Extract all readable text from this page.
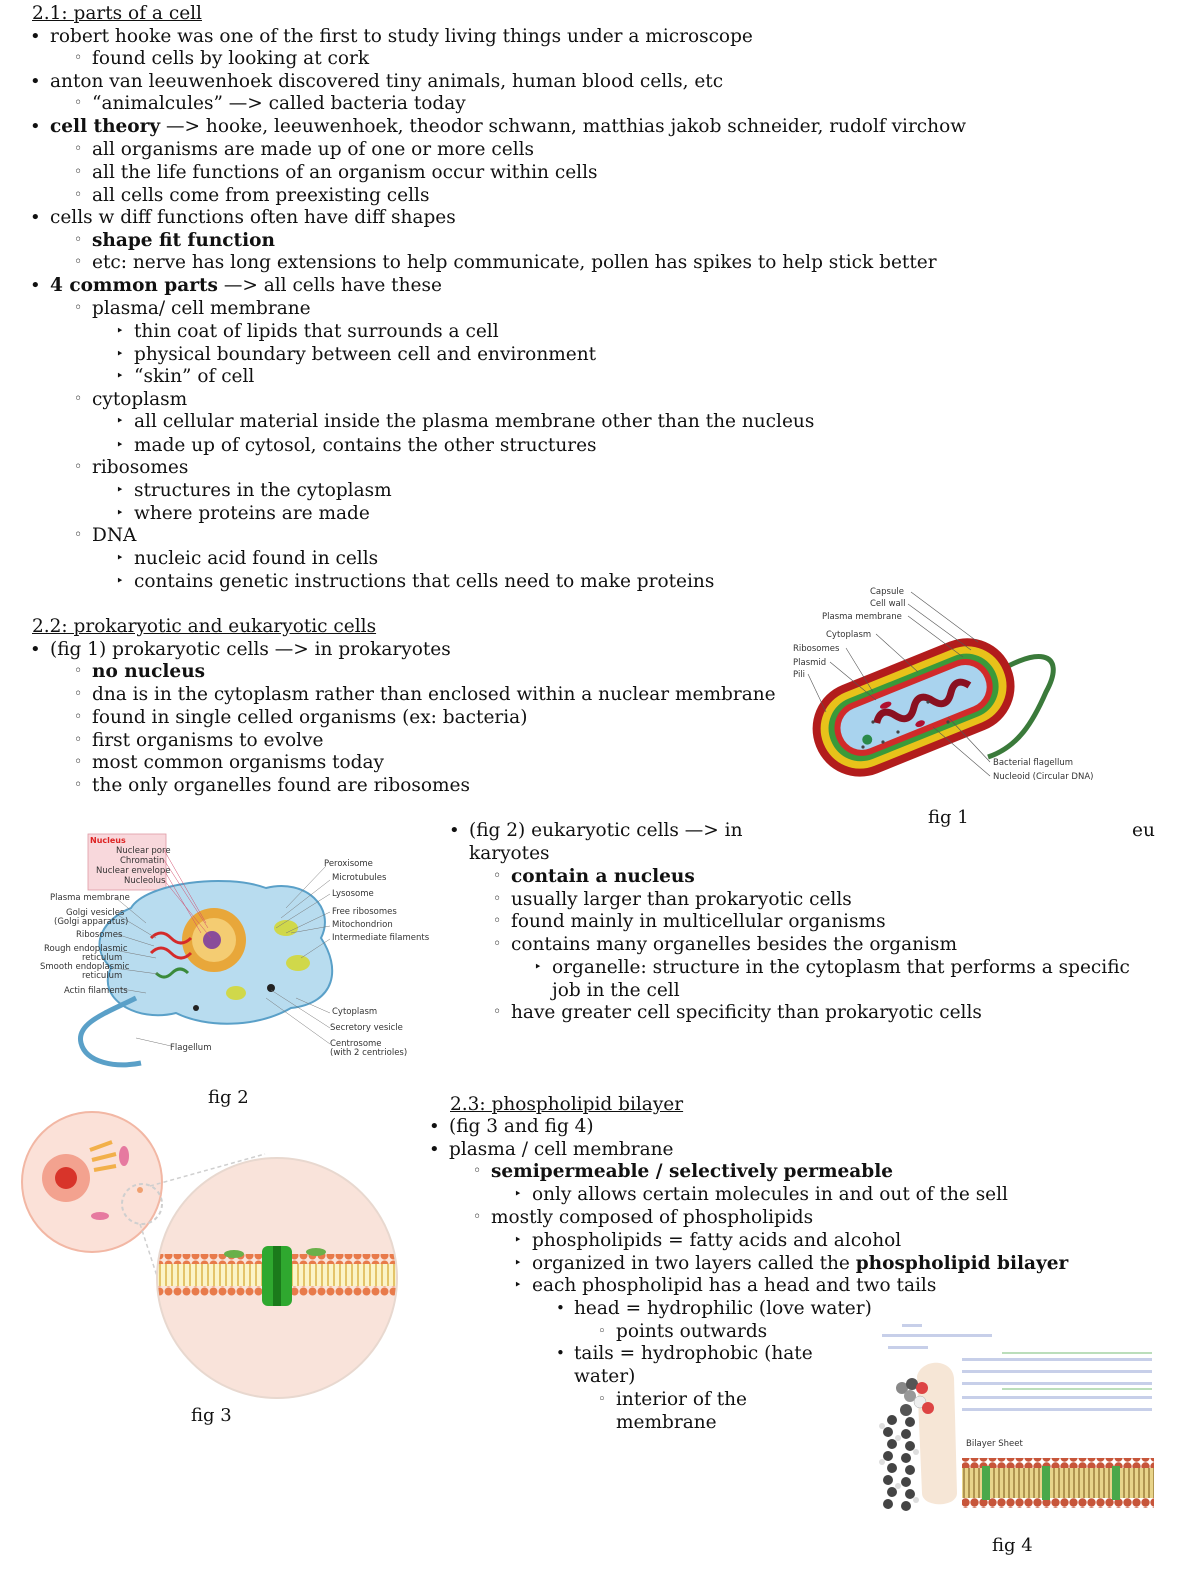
2.1: parts of a cell
• robert hooke was one of the first to study living things under a microscope
◦ found cells by looking at cork
• anton van leeuwenhoek discovered tiny animals, human blood cells, etc
◦ “animalcules” —> called bacteria today
• cell theory —> hooke, leeuwenhoek, theodor schwann, matthias jakob schneider, rudolf virchow
◦ all organisms are made up of one or more cells
◦ all the life functions of an organism occur within cells
◦ all cells come from preexisting cells
• cells w diff functions often have diff shapes
◦ shape fit function
◦ etc: nerve has long extensions to help communicate, pollen has spikes to help stick better
• 4 common parts —> all cells have these
◦ plasma/ cell membrane
‣ thin coat of lipids that surrounds a cell
‣ physical boundary between cell and environment
‣ “skin” of cell
◦ cytoplasm
‣ all cellular material inside the plasma membrane other than the nucleus
‣ made up of cytosol, contains the other structures
◦ ribosomes
‣ structures in the cytoplasm
‣ where proteins are made
◦ DNA
‣ nucleic acid found in cells
‣ contains genetic instructions that cells need to make proteins
2.2: prokaryotic and eukaryotic cells
• (fig 1) prokaryotic cells —> in prokaryotes
◦ no nucleus
◦ dna is in the cytoplasm rather than enclosed within a nuclear membrane
◦ found in single celled organisms (ex: bacteria)
◦ first organisms to evolve
◦ most common organisms today
◦ the only organelles found are ribosomes
Capsule
Cell wall
Plasma membrane
Cytoplasm
Ribosomes
Plasmid
Pili
Bacterial flagellum
Nucleoid (Circular DNA)
fig 1
Nucleus
Nuclear pore
Chromatin
Nuclear envelope
Nucleolus
Plasma membrane
Golgi vesicles
(Golgi apparatus)
Ribosomes
Rough endoplasmic
reticulum
Smooth endoplasmic
reticulum
Actin filaments
Peroxisome
Microtubules
Lysosome
Free ribosomes
Mitochondrion
Intermediate filaments
Cytoplasm
Secretory vesicle
Centrosome
(with 2 centrioles)
Flagellum
fig 2
• (fig 2) eukaryotic cells —> in	eu
karyotes
◦ contain a nucleus
◦ usually larger than prokaryotic cells
◦ found mainly in multicellular organisms
◦ contains many organelles besides the organism
‣ organelle: structure in the cytoplasm that performs a specific job in the cell
◦ have greater cell specificity than prokaryotic cells
fig 3
2.3: phospholipid bilayer
• (fig 3 and fig 4)
• plasma / cell membrane
◦ semipermeable / selectively permeable
‣ only allows certain molecules in and out of the sell
◦ mostly composed of phospholipids
‣ phospholipids = fatty acids and alcohol
‣ organized in two layers called the phospholipid bilayer
‣ each phospholipid has a head and two tails
• head = hydrophilic (love water)
◦ points outwards
• tails = hydrophobic (hate water)
◦ interior of the membrane
Bilayer Sheet
fig 4
